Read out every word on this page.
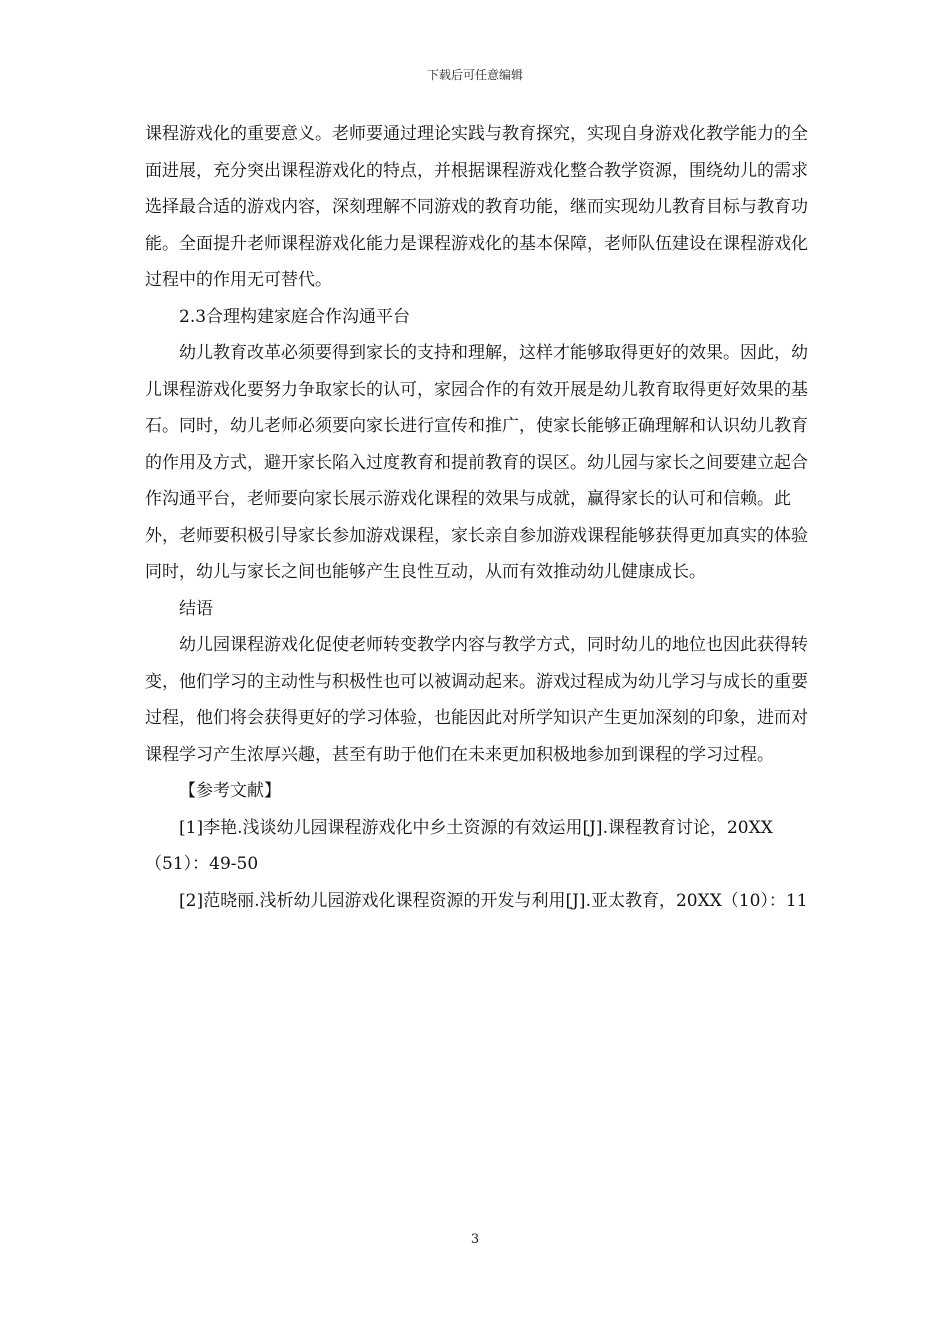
下载后可任意编辑

课程游戏化的重要意义。老师要通过理论实践与教育探究，实现自身游戏化教学能力的全面进展，充分突出课程游戏化的特点，并根据课程游戏化整合教学资源，围绕幼儿的需求选择最合适的游戏内容，深刻理解不同游戏的教育功能，继而实现幼儿教育目标与教育功能。全面提升老师课程游戏化能力是课程游戏化的基本保障，老师队伍建设在课程游戏化过程中的作用无可替代。

2.3合理构建家庭合作沟通平台

幼儿教育改革必须要得到家长的支持和理解，这样才能够取得更好的效果。因此，幼儿课程游戏化要努力争取家长的认可，家园合作的有效开展是幼儿教育取得更好效果的基石。同时，幼儿老师必须要向家长进行宣传和推广，使家长能够正确理解和认识幼儿教育的作用及方式，避开家长陷入过度教育和提前教育的误区。幼儿园与家长之间要建立起合作沟通平台，老师要向家长展示游戏化课程的效果与成就，赢得家长的认可和信赖。此外，老师要积极引导家长参加游戏课程，家长亲自参加游戏课程能够获得更加真实的体验同时，幼儿与家长之间也能够产生良性互动，从而有效推动幼儿健康成长。

结语

幼儿园课程游戏化促使老师转变教学内容与教学方式，同时幼儿的地位也因此获得转变，他们学习的主动性与积极性也可以被调动起来。游戏过程成为幼儿学习与成长的重要过程，他们将会获得更好的学习体验，也能因此对所学知识产生更加深刻的印象，进而对课程学习产生浓厚兴趣，甚至有助于他们在未来更加积极地参加到课程的学习过程。

【参考文献】

[1]李艳.浅谈幼儿园课程游戏化中乡土资源的有效运用[J].课程教育讨论，20XX（51）：49-50

[2]范晓丽.浅析幼儿园游戏化课程资源的开发与利用[J].亚太教育，20XX（10）：11

3
